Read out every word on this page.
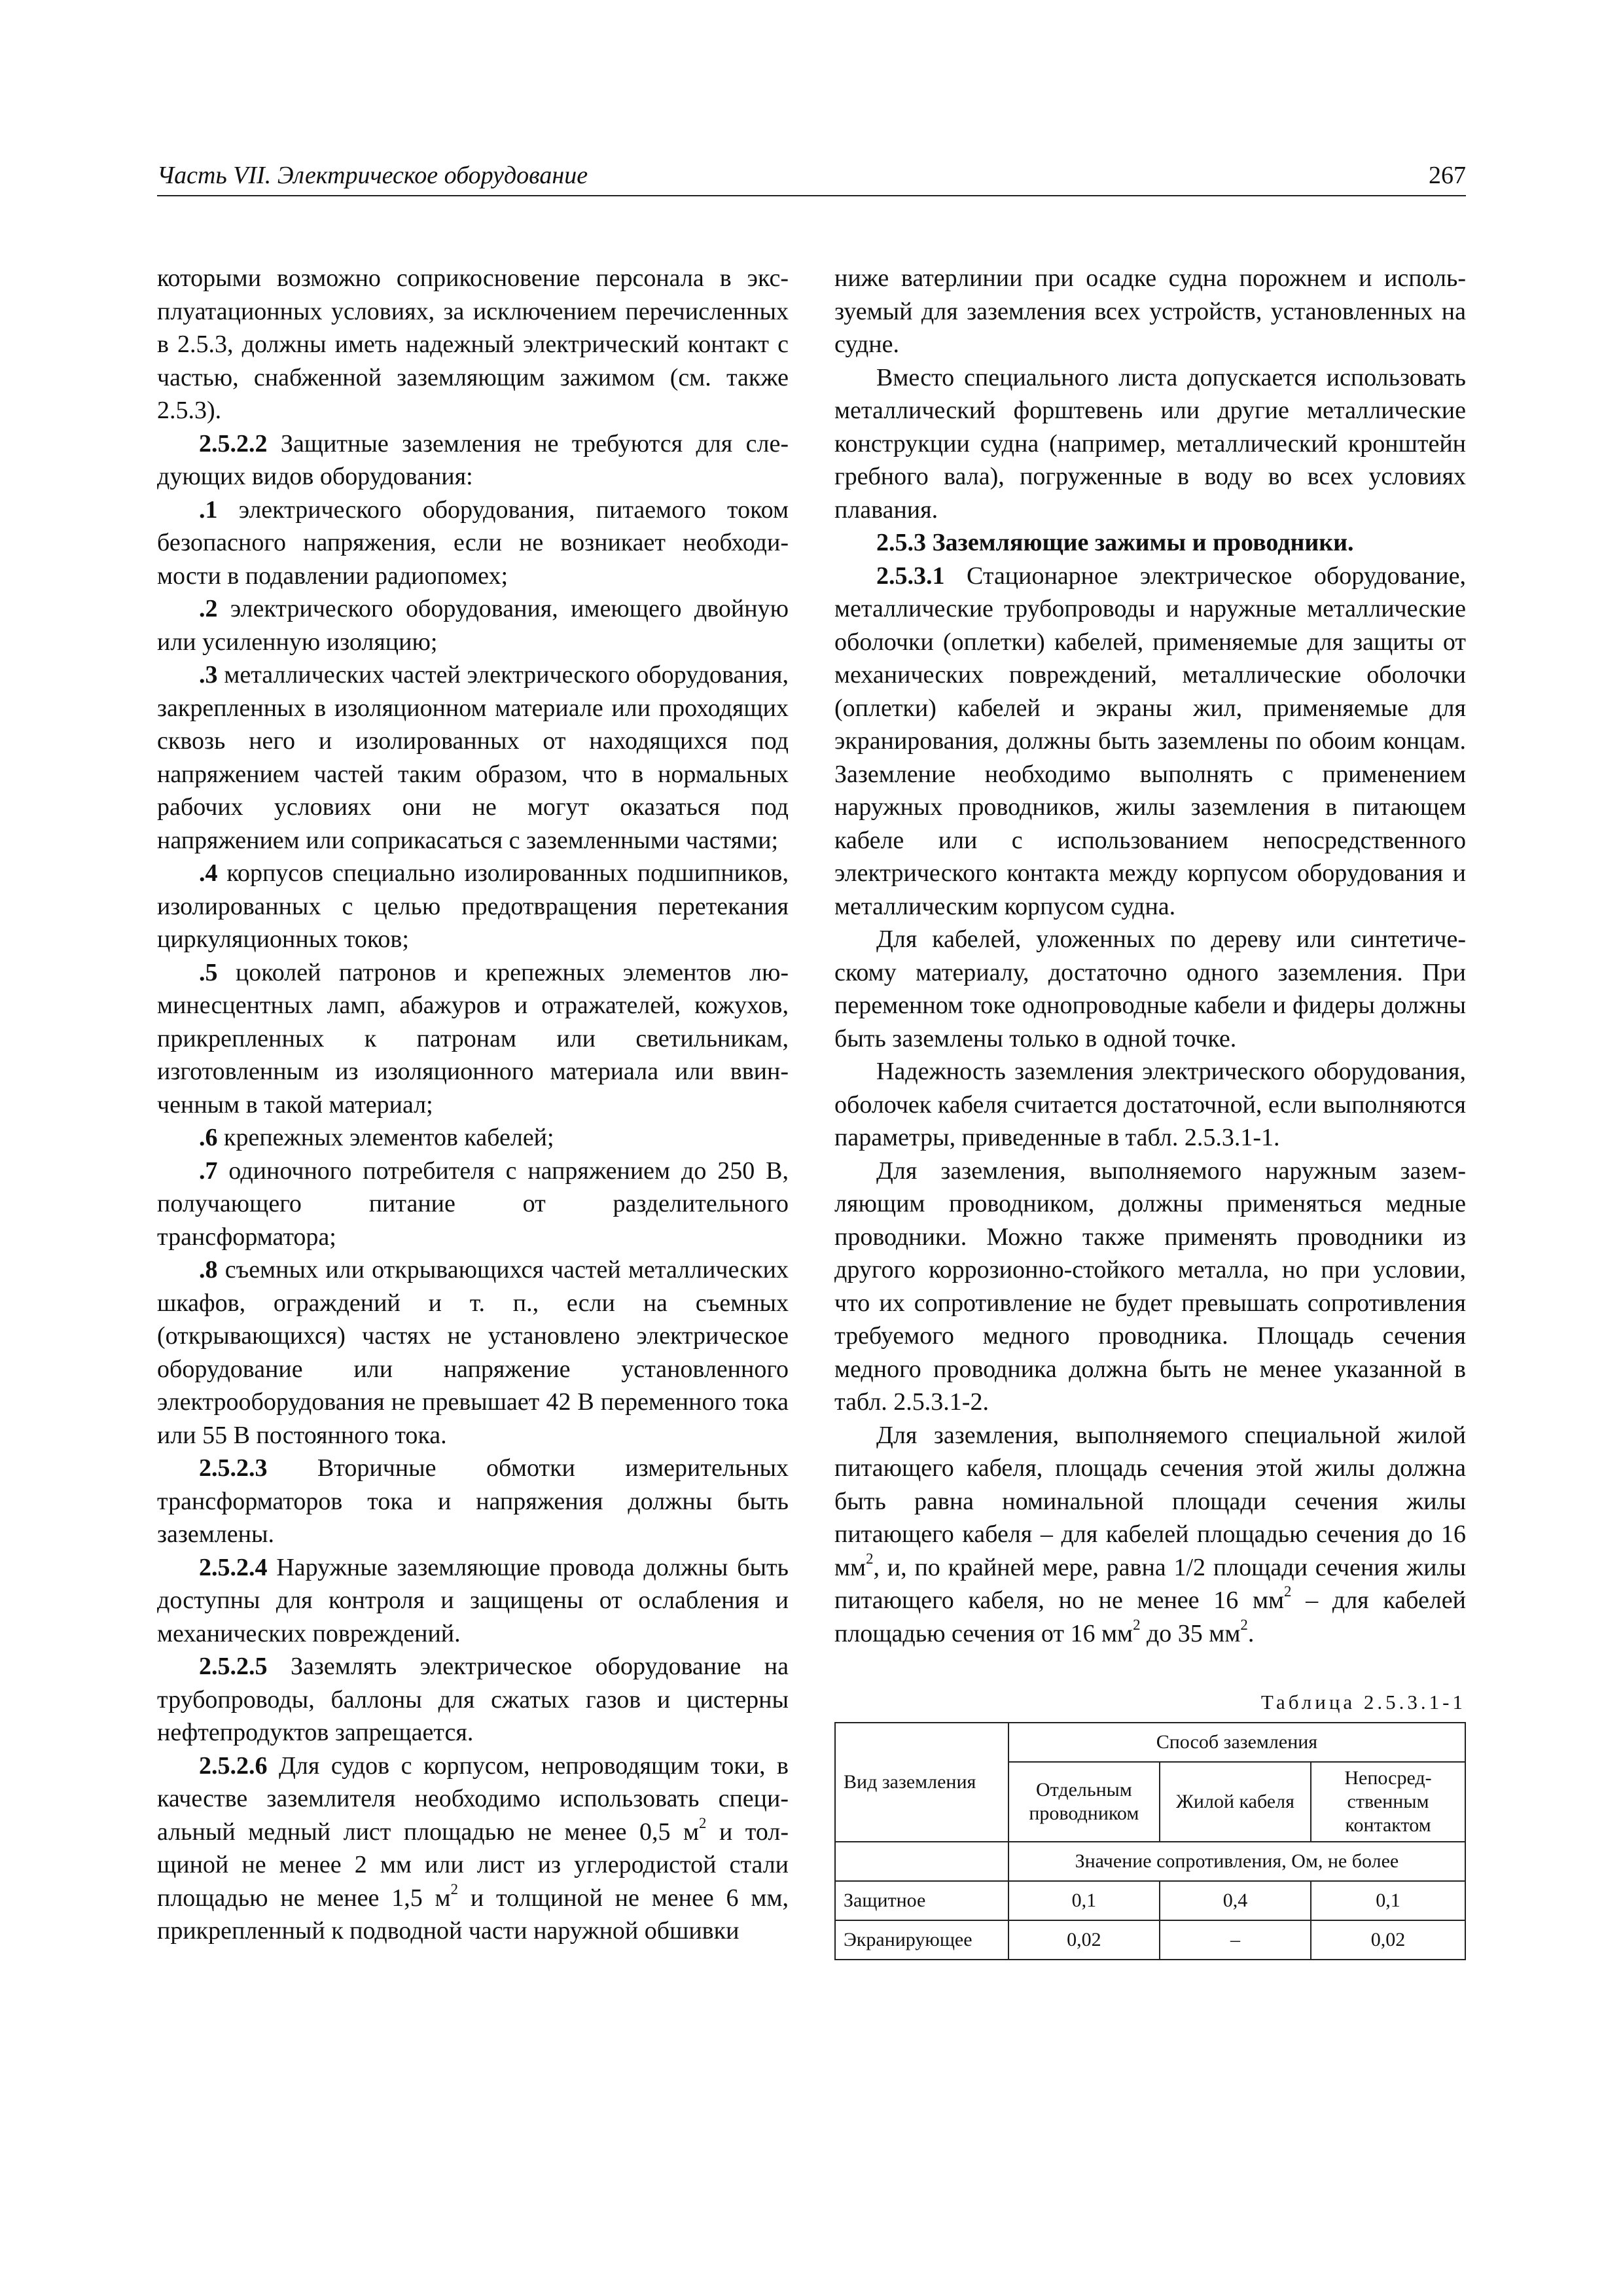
Часть VII. Электрическое оборудование	267

которыми возможно соприкосновение персонала в эксплуатационных условиях, за исключением перечисленных в 2.5.3, должны иметь надежный электрический контакт с частью, снабженной заземляющим зажимом (см. также 2.5.3).

2.5.2.2 Защитные заземления не требуются для следующих видов оборудования:

.1 электрического оборудования, питаемого током безопасного напряжения, если не возникает необходимости в подавлении радиопомех;

.2 электрического оборудования, имеющего двойную или усиленную изоляцию;

.3 металлических частей электрического оборудования, закрепленных в изоляционном материале или проходящих сквозь него и изолированных от находящихся под напряжением частей таким образом, что в нормальных рабочих условиях они не могут оказаться под напряжением или соприкасаться с заземленными частями;

.4 корпусов специально изолированных подшипников, изолированных с целью предотвращения перетекания циркуляционных токов;

.5 цоколей патронов и крепежных элементов люминесцентных ламп, абажуров и отражателей, кожухов, прикрепленных к патронам или светильникам, изготовленным из изоляционного материала или ввинченным в такой материал;

.6 крепежных элементов кабелей;

.7 одиночного потребителя с напряжением до 250 В, получающего питание от разделительного трансформатора;

.8 съемных или открывающихся частей металлических шкафов, ограждений и т. п., если на съемных (открывающихся) частях не установлено электрическое оборудование или напряжение установленного электрооборудования не превышает 42 В переменного тока или 55 В постоянного тока.

2.5.2.3 Вторичные обмотки измерительных трансформаторов тока и напряжения должны быть заземлены.

2.5.2.4 Наружные заземляющие провода должны быть доступны для контроля и защищены от ослабления и механических повреждений.

2.5.2.5 Заземлять электрическое оборудование на трубопроводы, баллоны для сжатых газов и цистерны нефтепродуктов запрещается.

2.5.2.6 Для судов с корпусом, непроводящим токи, в качестве заземлителя необходимо использовать специальный медный лист площадью не менее 0,5 $м^2$ и толщиной не менее 2 мм или лист из углеродистой стали площадью не менее 1,5 $м^2$ и толщиной не менее 6 мм, прикрепленный к подводной части наружной обшивки

ниже ватерлинии при осадке судна порожнем и используемый для заземления всех устройств, установленных на судне.

Вместо специального листа допускается использовать металлический форштевень или другие металлические конструкции судна (например, металлический кронштейн гребного вала), погруженные в воду во всех условиях плавания.

2.5.3 Заземляющие зажимы и проводники.

2.5.3.1 Стационарное электрическое оборудование, металлические трубопроводы и наружные металлические оболочки (оплетки) кабелей, применяемые для защиты от механических повреждений, металлические оболочки (оплетки) кабелей и экраны жил, применяемые для экранирования, должны быть заземлены по обоим концам. Заземление необходимо выполнять с применением наружных проводников, жилы заземления в питающем кабеле или с использованием непосредственного электрического контакта между корпусом оборудования и металлическим корпусом судна.

Для кабелей, уложенных по дереву или синтетическому материалу, достаточно одного заземления. При переменном токе однопроводные кабели и фидеры должны быть заземлены только в одной точке.

Надежность заземления электрического оборудования, оболочек кабеля считается достаточной, если выполняются параметры, приведенные в табл. 2.5.3.1-1.

Для заземления, выполняемого наружным заземляющим проводником, должны применяться медные проводники. Можно также применять проводники из другого коррозионно-стойкого металла, но при условии, что их сопротивление не будет превышать сопротивления требуемого медного проводника. Площадь сечения медного проводника должна быть не менее указанной в табл. 2.5.3.1-2.

Для заземления, выполняемого специальной жилой питающего кабеля, площадь сечения этой жилы должна быть равна номинальной площади сечения жилы питающего кабеля – для кабелей площадью сечения до 16 $мм^2$, и, по крайней мере, равна 1/2 площади сечения жилы питающего кабеля, но не менее 16 $мм^2$ – для кабелей площадью сечения от 16 $мм^2$ до 35 $мм^2$.

Таблица 2.5.3.1-1
Вид заземления	Способ заземления		
	Отдельным проводником	Жилой кабеля	Непосредственным контактом
	Значение сопротивления, Ом, не более		
Защитное	0,1	0,4	0,1
Экранирующее	0,02	–	0,02
